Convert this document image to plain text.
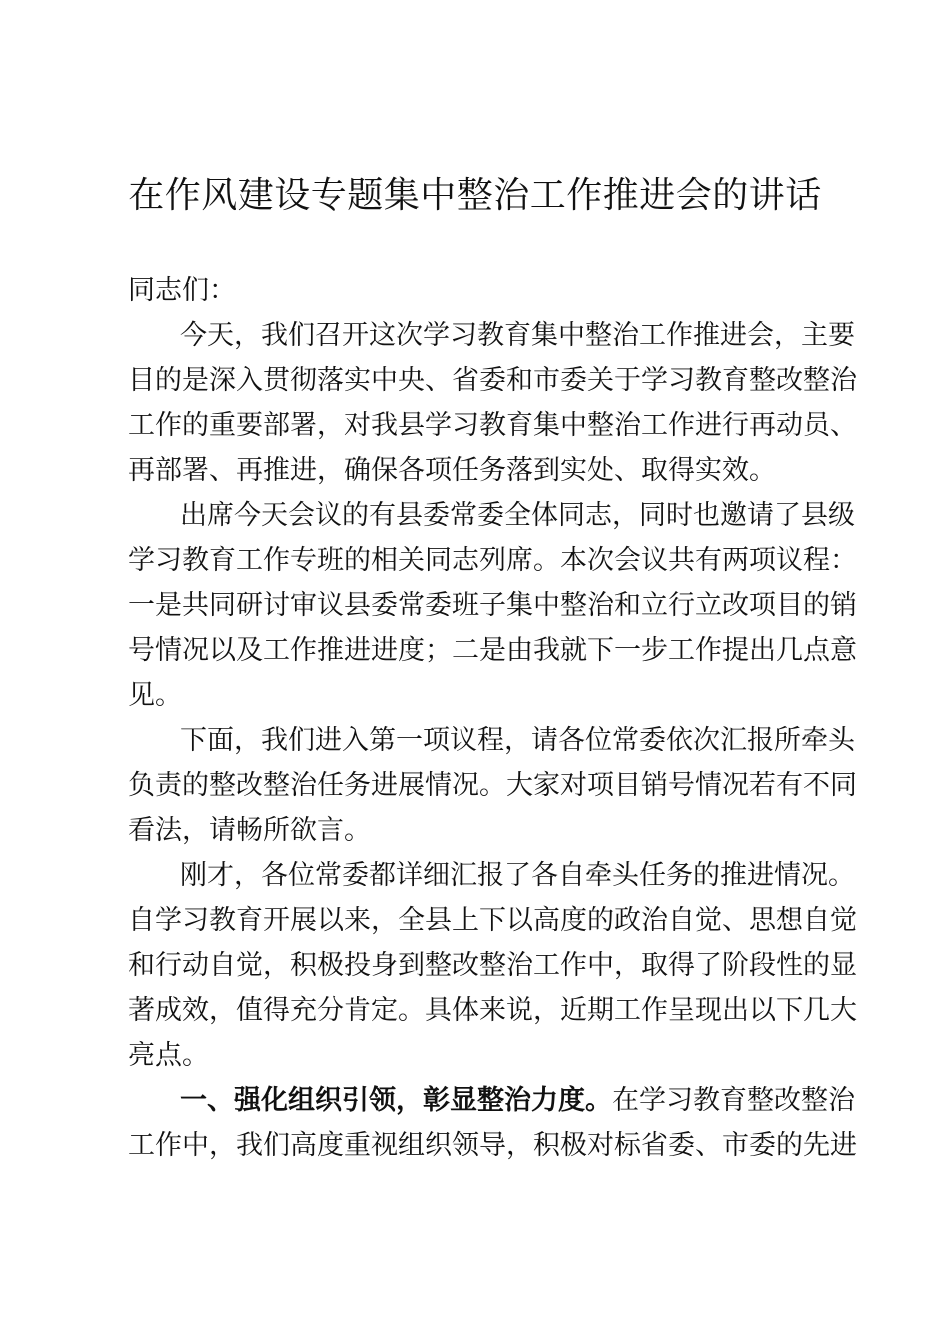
在作风建设专题集中整治工作推进会的讲话
同志们：
今天，我们召开这次学习教育集中整治工作推进会，主要
目的是深入贯彻落实中央、省委和市委关于学习教育整改整治
工作的重要部署，对我县学习教育集中整治工作进行再动员、
再部署、再推进，确保各项任务落到实处、取得实效。
出席今天会议的有县委常委全体同志，同时也邀请了县级
学习教育工作专班的相关同志列席。本次会议共有两项议程：
一是共同研讨审议县委常委班子集中整治和立行立改项目的销
号情况以及工作推进进度；二是由我就下一步工作提出几点意
见。
下面，我们进入第一项议程，请各位常委依次汇报所牵头
负责的整改整治任务进展情况。大家对项目销号情况若有不同
看法，请畅所欲言。
刚才，各位常委都详细汇报了各自牵头任务的推进情况。
自学习教育开展以来，全县上下以高度的政治自觉、思想自觉
和行动自觉，积极投身到整改整治工作中，取得了阶段性的显
著成效，值得充分肯定。具体来说，近期工作呈现出以下几大
亮点。
一、强化组织引领，彰显整治力度。在学习教育整改整治
工作中，我们高度重视组织领导，积极对标省委、市委的先进
